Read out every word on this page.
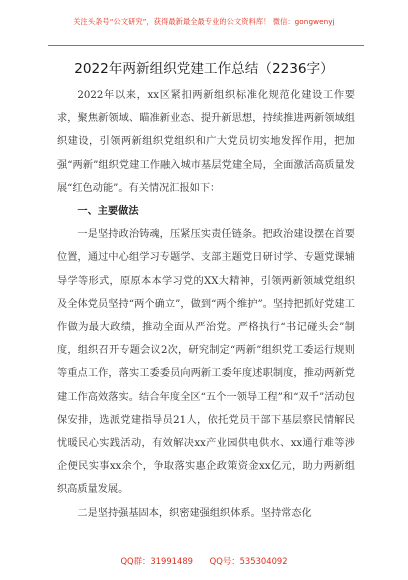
关注头条号“公文研究”，获得最新最全最专业的公文资料库！ 微信：gongwenyj
2022年两新组织党建工作总结（2236字）

2022年以来，xx区紧扣两新组织标准化规范化建设工作要求，聚焦新领域、瞄准新业态、提升新思想，持续推进两新领域组织建设，引领两新组织党组织和广大党员切实地发挥作用，把加强“两新”组织党建工作融入城市基层党建全局，全面激活高质量发展“红色动能”。有关情况汇报如下：

一、主要做法

一是坚持政治铸魂，压紧压实责任链条。把政治建设摆在首要位置，通过中心组学习专题学、支部主题党日研讨学、专题党课辅导学等形式，原原本本学习党的XX大精神，引领两新领域党组织及全体党员坚持“两个确立”，做到“两个维护”。坚持把抓好党建工作做为最大政绩，推动全面从严治党。严格执行“书记碰头会”制度，组织召开专题会议2次，研究制定“两新”组织党工委运行规则等重点工作，落实工委委员向两新工委年度述职制度，推动两新党建工作高效落实。结合年度全区“五个一领导工程”和“双千”活动包保安排，选派党建指导员21人，依托党员干部下基层察民情解民忧暖民心实践活动，有效解决xx产业园供电供水、xx通行难等涉企便民实事xx余个，争取落实惠企政策资金xx亿元，助力两新组织高质量发展。

二是坚持强基固本，织密建强组织体系。坚持常态化

QQ群：31991489 QQ号：535304092
